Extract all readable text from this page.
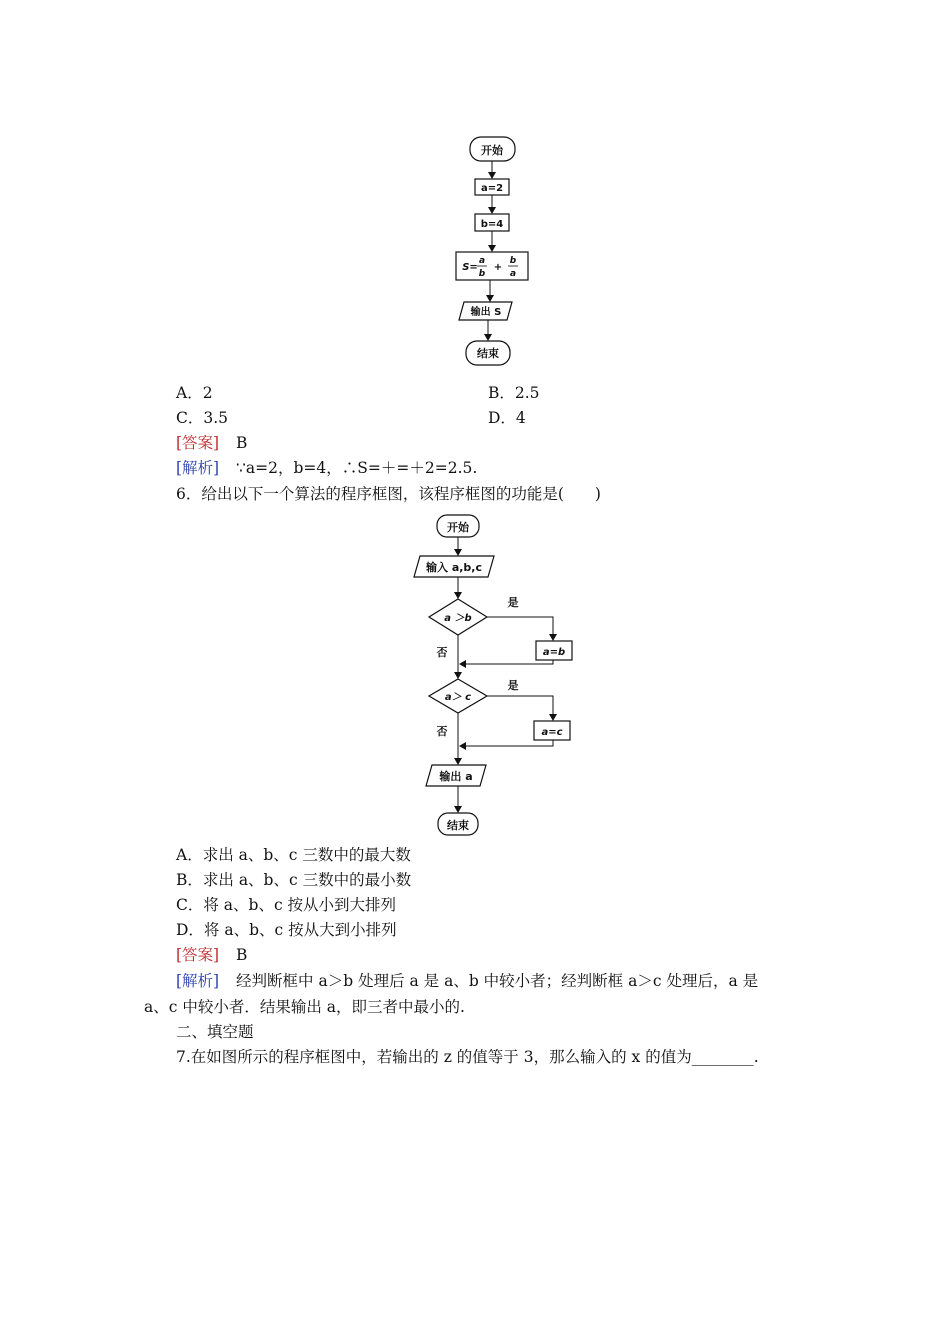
开始
a=2
b=4
S=
a
b
+
b
a
输出 S
结束
A．2	B．2.5
C．3.5	D．4
[答案] B
[解析] ∵a=2，b=4，∴S=＋=＋2=2.5.
6．给出以下一个算法的程序框图，该程序框图的功能是(　　)
开始
输入 a,b,c
a ＞b
是
a=b
否
a＞ c
是
a=c
否
输出 a
结束
A．求出 a、b、c 三数中的最大数
B．求出 a、b、c 三数中的最小数
C．将 a、b、c 按从小到大排列
D．将 a、b、c 按从大到小排列
[答案] B
[解析] 经判断框中 a＞b 处理后 a 是 a、b 中较小者；经判断框 a＞c 处理后，a 是
a、c 中较小者．结果输出 a，即三者中最小的.
二、填空题
7.在如图所示的程序框图中，若输出的 z 的值等于 3，那么输入的 x 的值为________.
